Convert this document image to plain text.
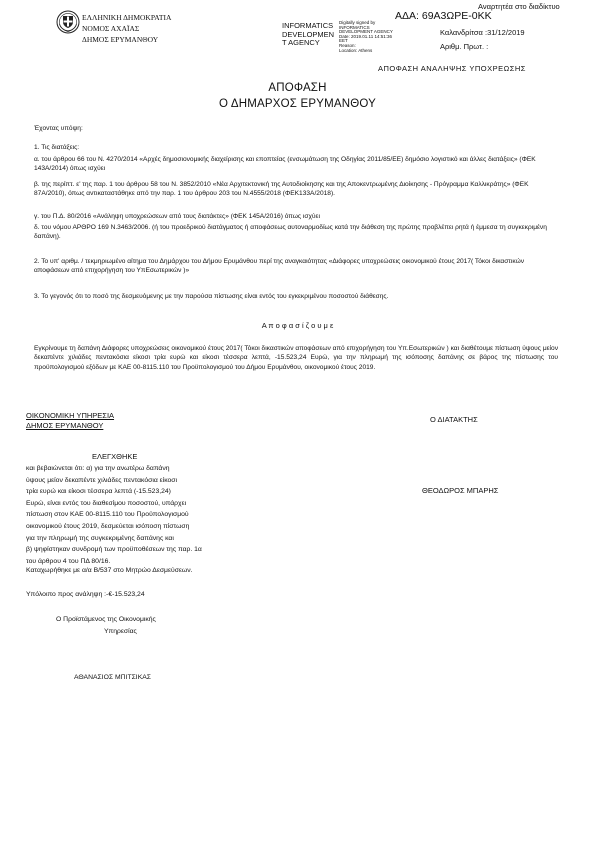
ΕΛΛΗΝΙΚΗ ΔΗΜΟΚΡΑΤΙΑ
ΝΟΜΟΣ ΑΧΑΪΑΣ
ΔΗΜΟΣ ΕΡΥΜΑΝΘΟΥ
INFORMATICS
DEVELOPMEN
T AGENCY
Digitally signed by
INFORMATICS
DEVELOPMENT AGENCY
Date: 2019.01.11 14:51:36
EET
Reason:
Location: Athens
Αναρτητέα στο διαδίκτυο
ΑΔΑ: 69Α3ΩΡΕ-0ΚΚ
Καλανδρίτσα :31/12/2019
Αριθμ. Πρωτ. :
ΑΠΟΦΑΣΗ ΑΝΑΛΗΨΗΣ ΥΠΟΧΡΕΩΣΗΣ
ΑΠΟΦΑΣΗ
Ο ΔΗΜΑΡΧΟΣ ΕΡΥΜΑΝΘΟΥ
Έχοντας υπόψη:
1. Τις διατάξεις:
α. του άρθρου 66 του Ν. 4270/2014 «Αρχές δημοσιονομικής διαχείρισης και εποπτείας (ενσωμάτωση της Οδηγίας 2011/85/ΕΕ) δημόσιο λογιστικό και άλλες διατάξεις» (ΦΕΚ 143Α/2014) όπως ισχύει
β. της περίπτ. ε' της παρ. 1 του άρθρου 58 του Ν. 3852/2010 «Νέα Αρχιτεκτονική της Αυτοδιοίκησης και της Αποκεντρωμένης Διοίκησης - Πρόγραμμα Καλλικράτης» (ΦΕΚ 87Α/2010), όπως αντικαταστάθηκε από την παρ. 1 του άρθρου 203 του Ν.4555/2018 (ΦΕΚ133Α/2018).
γ. του Π.Δ. 80/2016 «Ανάληψη υποχρεώσεων από τους διατάκτες» (ΦΕΚ 145Α/2016) όπως ισχύει
δ. του νόμου ΑΡΘΡΟ 169 Ν.3463/2006. (ή του προεδρικού διατάγματος ή αποφάσεως αυτοναρμοδίως κατά την διάθεση της πρώτης προβλέπει ρητά ή έμμεσα τη συγκεκριμένη δαπάνη).
2. Το υπ' αριθμ. / τεκμηριωμένο αίτημα του Δημάρχου του Δήμου Ερυμάνθου περί της αναγκαιότητας «Διάφορες υποχρεώσεις οικονομικού έτους 2017( Τόκοι δικαστικών αποφάσεων από επιχορήγηση του ΥπΕσωτερικών )»
3. Το γεγονός ότι το ποσό της δεσμευόμενης με την παρούσα πίστωσης είναι εντός του εγκεκριμένου ποσοστού διάθεσης.
Α π ο φ α σ ί ζ ο υ μ ε
Εγκρίνουμε τη δαπάνη Διάφορες υποχρεώσεις οικονομικού έτους 2017( Τόκοι δικαστικών αποφάσεων από επιχορήγηση του Υπ.Εσωτερικών ) και διαθέτουμε πίστωση ύψους μείον δεκαπέντε χιλιάδες πεντακόσια είκοσι τρία ευρώ και είκοσι τέσσερα λεπτά, -15.523,24 Ευρώ, για την πληρωμή της ισόποσης δαπάνης σε βάρος της πίστωσης του προϋπολογισμού εξόδων με ΚΑΕ 00-8115.110 του Προϋπολογισμού του Δήμου Ερυμάνθου, οικονομικού έτους 2019.
ΟΙΚΟΝΟΜΙΚΗ ΥΠΗΡΕΣΙΑ
ΔΗΜΟΣ ΕΡΥΜΑΝΘΟΥ
ΕΛΕΓΧΘΗΚΕ
και βεβαιώνεται ότι: α) για την ανωτέρω δαπάνη
ύψους μείον δεκαπέντε χιλιάδες πεντακόσια είκοσι
τρία ευρώ και είκοσι τέσσερα λεπτά (-15.523,24)
Ευρώ, είναι εντός του διαθεσίμου ποσοστού, υπάρχει
πίστωση στον ΚΑΕ 00-8115.110 του Προϋπολογισμού
οικονομικού έτους 2019, δεσμεύεται ισόποση πίστωση
για την πληρωμή της συγκεκριμένης δαπάνης και
β) ψηφίστηκαν συνδρομή των προϋποθέσεων της παρ. 1α
του άρθρου 4 του ΠΔ 80/16.
Καταχωρήθηκε με α/α Β/537 στο Μητρώο Δεσμεύσεων.
Υπόλοιπο προς ανάληψη :-€-15.523,24
Ο Προϊστάμενος της Οικονομικής
Υπηρεσίας
ΑΘΑΝΑΣΙΟΣ ΜΠΙΤΣΙΚΑΣ
Ο ΔΙΑΤΑΚΤΗΣ
ΘΕΟΔΩΡΟΣ ΜΠΑΡΗΣ
